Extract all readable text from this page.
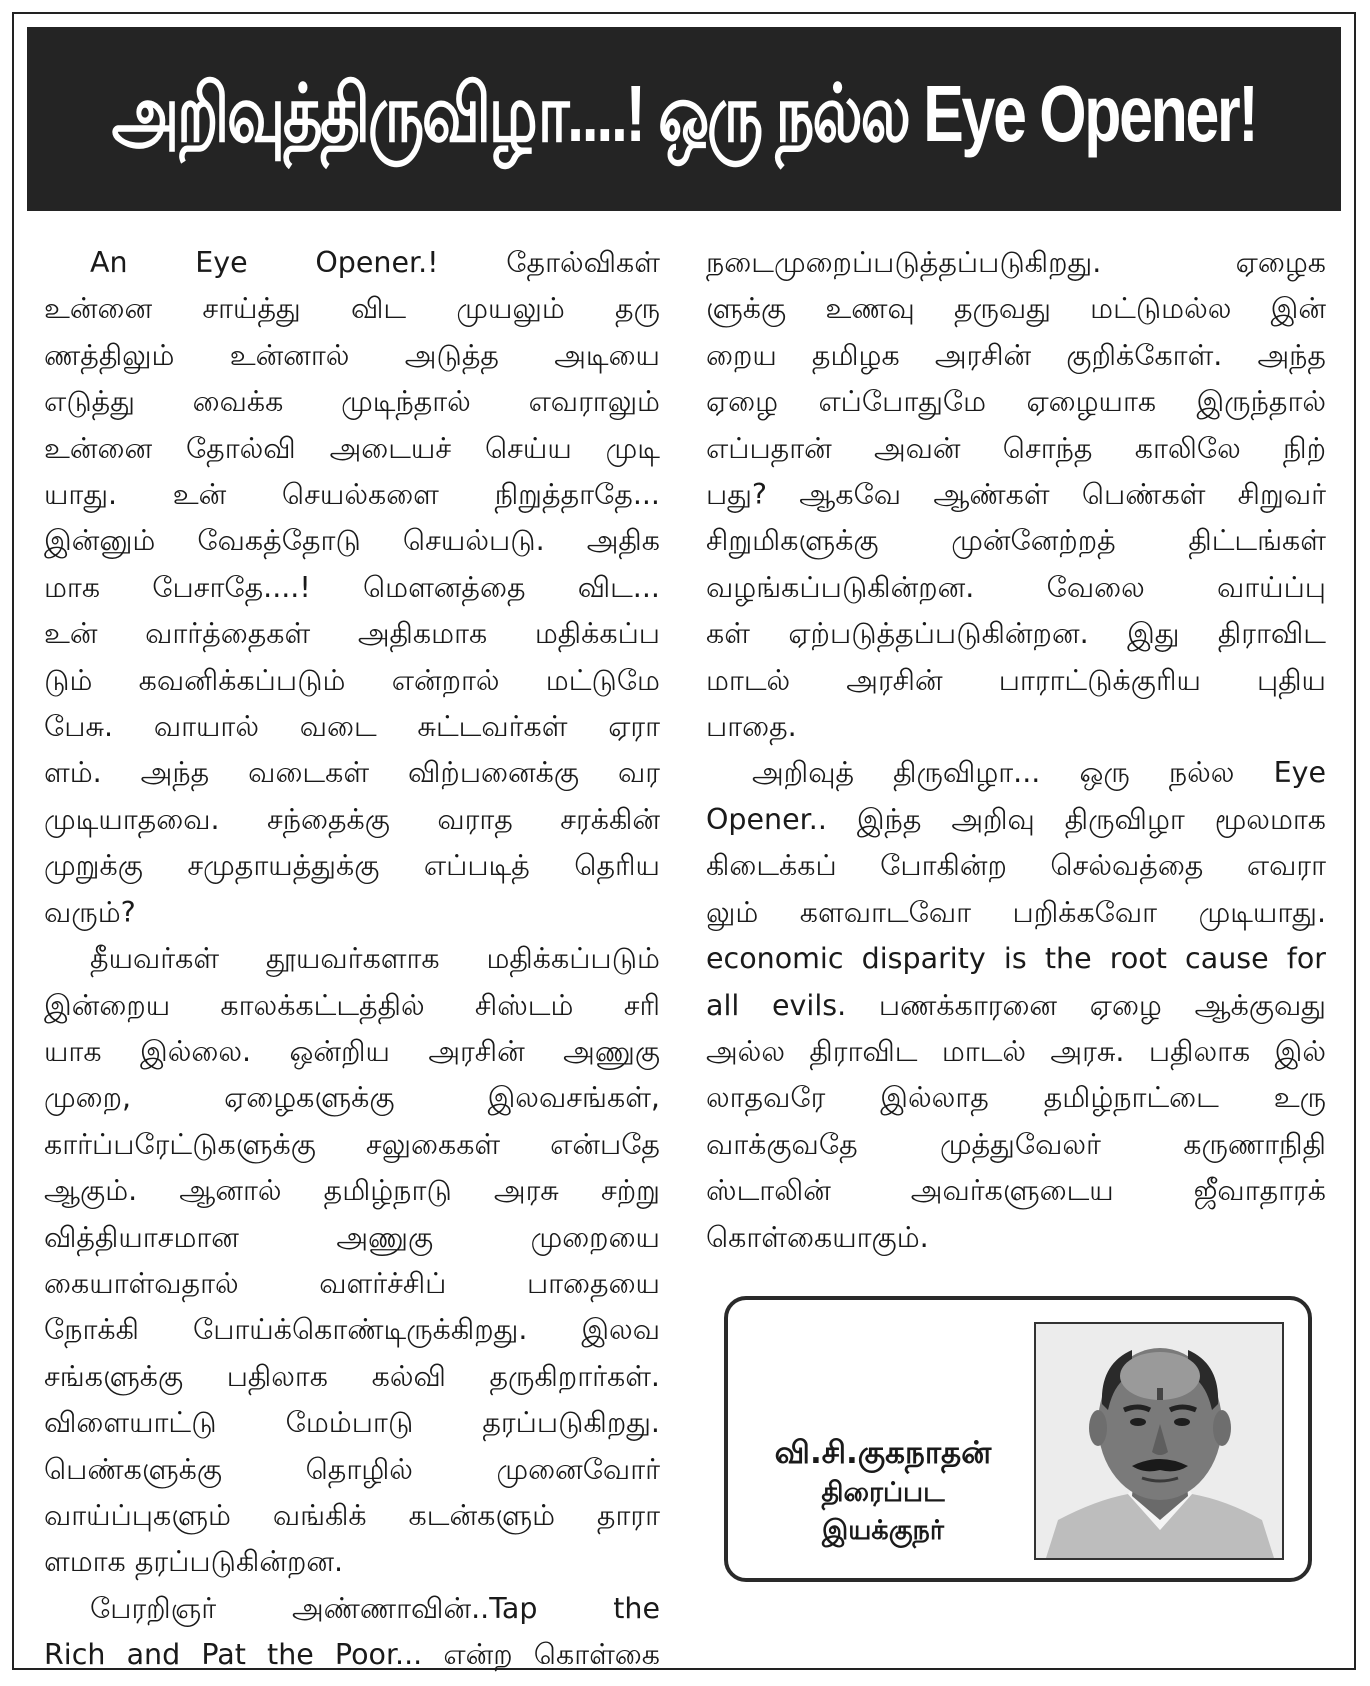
அறிவுத்திருவிழா....! ஒரு நல்ல Eye Opener!

An Eye Opener.! தோல்விகள்

உன்னை சாய்த்து விட முயலும் தரு

ணத்திலும் உன்னால் அடுத்த அடியை

எடுத்து வைக்க முடிந்தால் எவராலும்

உன்னை தோல்வி அடையச் செய்ய முடி

யாது. உன் செயல்களை நிறுத்தாதே...

இன்னும் வேகத்தோடு செயல்படு. அதிக

மாக பேசாதே....! மௌனத்தை விட...

உன் வார்த்தைகள் அதிகமாக மதிக்கப்ப

டும் கவனிக்கப்படும் என்றால் மட்டுமே

பேசு. வாயால் வடை சுட்டவர்கள் ஏரா

ளம். அந்த வடைகள் விற்பனைக்கு வர

முடியாதவை. சந்தைக்கு வராத சரக்கின்

முறுக்கு சமுதாயத்துக்கு எப்படித் தெரிய

வரும்?

தீயவர்கள் தூயவர்களாக மதிக்கப்படும்

இன்றைய காலக்கட்டத்தில் சிஸ்டம் சரி

யாக இல்லை. ஒன்றிய அரசின் அணுகு

முறை, ஏழைகளுக்கு இலவசங்கள்,

கார்ப்பரேட்டுகளுக்கு சலுகைகள் என்பதே

ஆகும். ஆனால் தமிழ்நாடு அரசு சற்று

வித்தியாசமான அணுகு முறையை

கையாள்வதால் வளர்ச்சிப் பாதையை

நோக்கி போய்க்கொண்டிருக்கிறது. இலவ

சங்களுக்கு பதிலாக கல்வி தருகிறார்கள்.

விளையாட்டு மேம்பாடு தரப்படுகிறது.

பெண்களுக்கு தொழில் முனைவோர்

வாய்ப்புகளும் வங்கிக் கடன்களும் தாரா

ளமாக தரப்படுகின்றன.

பேரறிஞர் அண்ணாவின்..Tap the

Rich and Pat the Poor... என்ற கொள்கை

நடைமுறைப்படுத்தப்படுகிறது. ஏழைக

ளுக்கு உணவு தருவது மட்டுமல்ல இன்

றைய தமிழக அரசின் குறிக்கோள். அந்த

ஏழை எப்போதுமே ஏழையாக இருந்தால்

எப்பதான் அவன் சொந்த காலிலே நிற்

பது? ஆகவே ஆண்கள் பெண்கள் சிறுவர்

சிறுமிகளுக்கு முன்னேற்றத் திட்டங்கள்

வழங்கப்படுகின்றன. வேலை வாய்ப்பு

கள் ஏற்படுத்தப்படுகின்றன. இது திராவிட

மாடல் அரசின் பாராட்டுக்குரிய புதிய

பாதை.

அறிவுத் திருவிழா... ஒரு நல்ல Eye

Opener.. இந்த அறிவு திருவிழா மூலமாக

கிடைக்கப் போகின்ற செல்வத்தை எவரா

லும் களவாடவோ பறிக்கவோ முடியாது.

economic disparity is the root cause for

all evils. பணக்காரனை ஏழை ஆக்குவது

அல்ல திராவிட மாடல் அரசு. பதிலாக இல்

லாதவரே இல்லாத தமிழ்நாட்டை உரு

வாக்குவதே முத்துவேலர் கருணாநிதி

ஸ்டாலின் அவர்களுடைய ஜீவாதாரக்

கொள்கையாகும்.

வி.சி.குகநாதன்
திரைப்பட
இயக்குநர்
